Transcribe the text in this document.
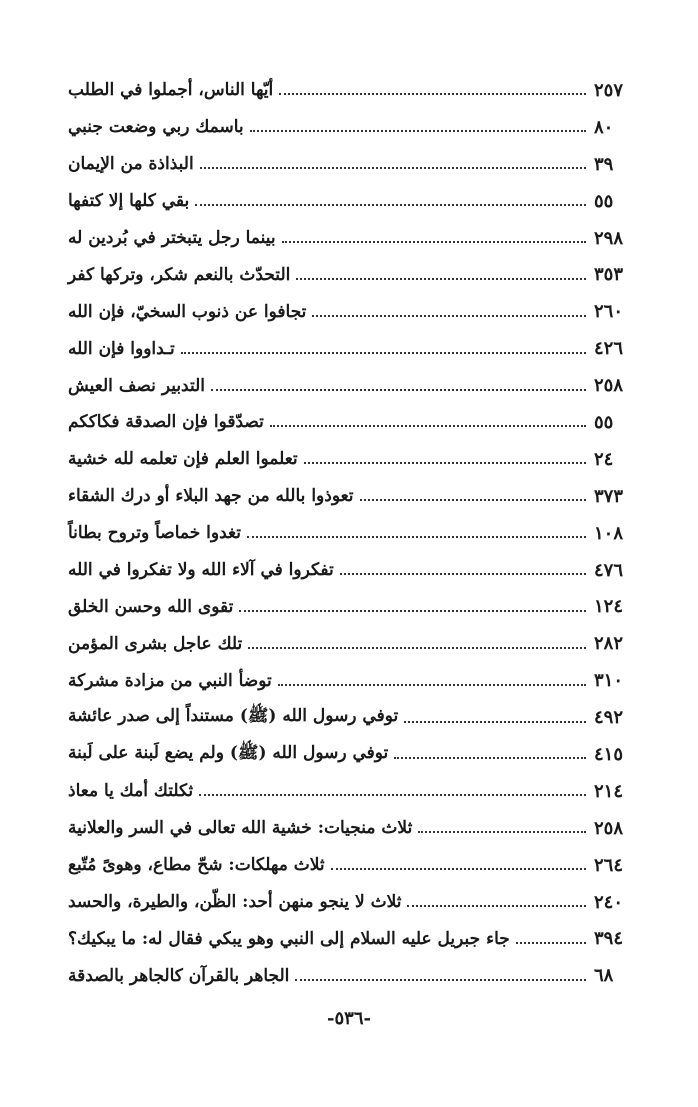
أيّها الناس، أجملوا في الطلب	٢٥٧
باسمك ربي وضعت جنبي	٨٠
البذاذة من الإيمان	٣٩
بقي كلها إلا كتفها	٥٥
بينما رجل يتبختر في بُردين له	٢٩٨
التحدّث بالنعم شكر، وتركها كفر	٣٥٣
تجافوا عن ذنوب السخيّ، فإن الله	٢٦٠
تـداووا فإن الله	٤٢٦
التدبير نصف العيش	٢٥٨
تصدّقوا فإن الصدقة فكاككم	٥٥
تعلموا العلم فإن تعلمه لله خشية	٢٤
تعوذوا بالله من جهد البلاء أو درك الشقاء	٣٧٣
تغدوا خماصاً وتروح بطاناً	١٠٨
تفكروا في آلاء الله ولا تفكروا في الله	٤٧٦
تقوى الله وحسن الخلق	١٢٤
تلك عاجل بشرى المؤمن	٢٨٢
توضأ النبي من مزادة مشركة	٣١٠
توفي رسول الله (ﷺ) مستنداً إلى صدر عائشة	٤٩٢
توفي رسول الله (ﷺ) ولم يضع لَبنة على لَبنة	٤١٥
ثكلتك أمك يا معاذ	٢١٤
ثلاث منجيات: خشية الله تعالى في السر والعلانية	٢٥٨
ثلاث مهلكات: شحّ مطاع، وهوىً مُتّبع	٢٦٤
ثلاث لا ينجو منهن أحد: الظّن، والطيرة، والحسد	٢٤٠
جاء جبريل عليه السلام إلى النبي وهو يبكي فقال له: ما يبكيك؟	٣٩٤
الجاهر بالقرآن كالجاهر بالصدقة	٦٨
-٥٣٦-
